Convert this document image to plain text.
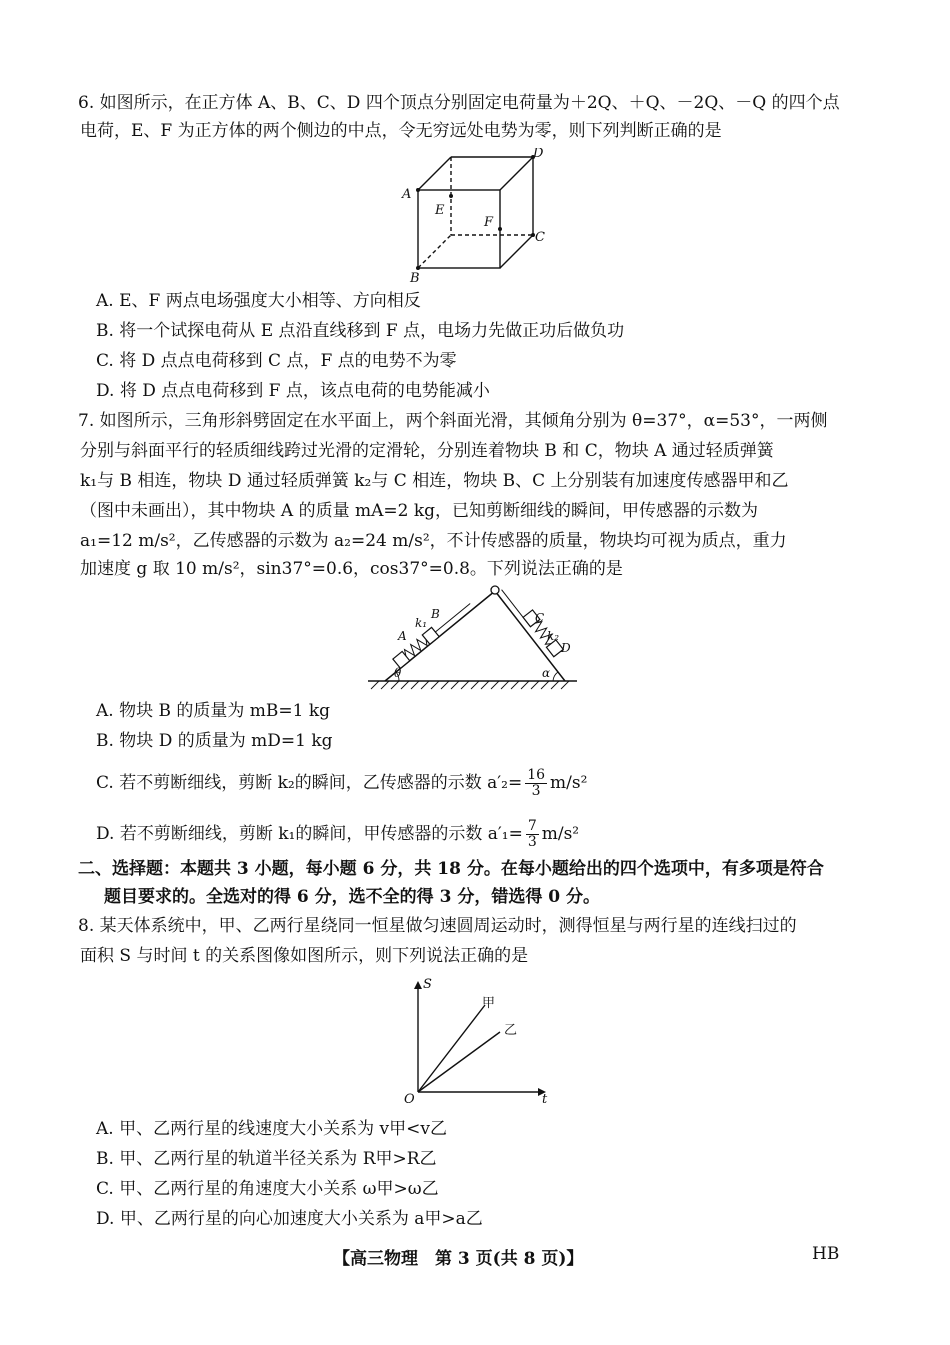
6. 如图所示，在正方体 A、B、C、D 四个顶点分别固定电荷量为＋2Q、＋Q、－2Q、－Q 的四个点
电荷，E、F 为正方体的两个侧边的中点，令无穷远处电势为零，则下列判断正确的是
A
B
C
D
E
F
A. E、F 两点电场强度大小相等、方向相反
B. 将一个试探电荷从 E 点沿直线移到 F 点，电场力先做正功后做负功
C. 将 D 点点电荷移到 C 点，F 点的电势不为零
D. 将 D 点点电荷移到 F 点，该点电荷的电势能减小
7. 如图所示，三角形斜劈固定在水平面上，两个斜面光滑，其倾角分别为 θ=37°，α=53°，一两侧
分别与斜面平行的轻质细线跨过光滑的定滑轮，分别连着物块 B 和 C，物块 A 通过轻质弹簧
k₁与 B 相连，物块 D 通过轻质弹簧 k₂与 C 相连，物块 B、C 上分别装有加速度传感器甲和乙
（图中未画出），其中物块 A 的质量 mA=2 kg，已知剪断细线的瞬间，甲传感器的示数为
a₁=12 m/s²，乙传感器的示数为 a₂=24 m/s²，不计传感器的质量，物块均可视为质点，重力
加速度 g 取 10 m/s²，sin37°=0.6，cos37°=0.8。下列说法正确的是
A
k₁
B	C
k₂
D
θ	α
A. 物块 B 的质量为 mB=1 kg
B. 物块 D 的质量为 mD=1 kg
C. 若不剪断细线，剪断 k₂的瞬间，乙传感器的示数 $a'_2= \frac{16}{3} m/s^2$
D. 若不剪断细线，剪断 k₁的瞬间，甲传感器的示数 $a'_1= \frac{7}{3} m/s^2$
二、选择题：本题共 3 小题，每小题 6 分，共 18 分。在每小题给出的四个选项中，有多项是符合
题目要求的。全选对的得 6 分，选不全的得 3 分，错选得 0 分。
8. 某天体系统中，甲、乙两行星绕同一恒星做匀速圆周运动时，测得恒星与两行星的连线扫过的
面积 S 与时间 t 的关系图像如图所示，则下列说法正确的是
S
t
O
甲
乙
A. 甲、乙两行星的线速度大小关系为 v甲<v乙
B. 甲、乙两行星的轨道半径关系为 R甲>R乙
C. 甲、乙两行星的角速度大小关系 ω甲>ω乙
D. 甲、乙两行星的向心加速度大小关系为 a甲>a乙
【高三物理　第 3 页(共 8 页)】	HB
